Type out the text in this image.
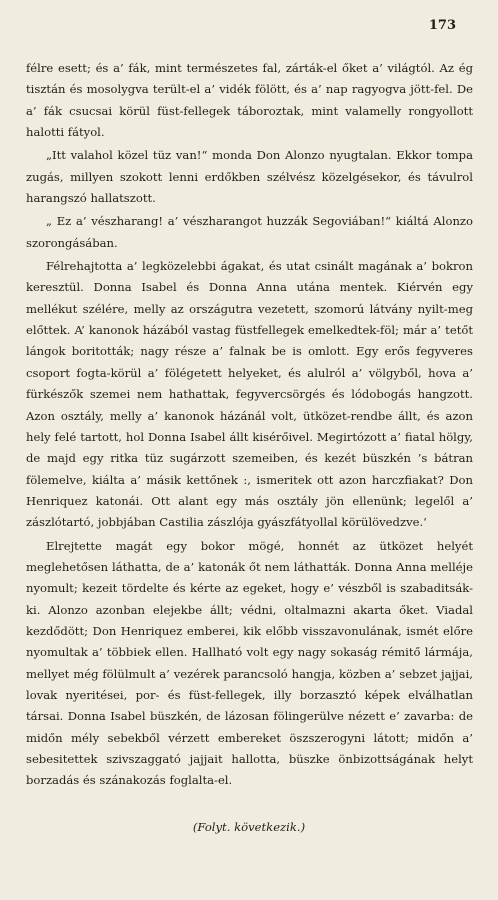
173

félre esett; és a’ fák, mint természetes fal, zárták-el őket a’ világtól. Az ég tisztán és mosolygva terült-el a’ vidék fölött, és a’ nap ragyogva jött-fel. De a’ fák csucsai körül füst-fellegek táboroztak, mint valamelly rongyollott halotti fátyol.

„Itt valahol közel tüz van!“ monda Don Alonzo nyugtalan. Ekkor tompa zugás, millyen szokott lenni erdőkben szélvész közelgésekor, és távulrol harangszó hallatszott.

„ Ez a’ vészharang! a’ vészharangot huzzák Segoviában!“ kiáltá Alonzo szorongásában.

Félrehajtotta a’ legközelebbi ágakat, és utat csinált magának a’ bokron keresztül. Donna Isabel és Donna Anna utána mentek. Kiérvén egy mellékut szélére, melly az országutra vezetett, szomorú látvány nyilt-meg előttek. A’ kanonok házából vastag füstfellegek emelkedtek-föl; már a’ tetőt lángok boritották; nagy része a’ falnak be is omlott. Egy erős fegyveres csoport fogta-körül a’ fölégetett helyeket, és alulról a’ völgyből, hova a’ fürkészők szemei nem hathattak, fegyvercsörgés és lódobogás hangzott. Azon osztály, melly a’ kanonok házánál volt, ütközet-rendbe állt, és azon hely felé tartott, hol Donna Isabel állt kisérőivel. Megirtózott a’ fiatal hölgy, de majd egy ritka tüz sugárzott szemeiben, és kezét büszkén ’s bátran fölemelve, kiálta a’ másik kettőnek :, ismeritek ott azon harczfiakat? Don Henriquez katonái. Ott alant egy más osztály jön ellenünk; legelől a’ zászlótartó, jobbjában Castilia zászlója gyászfátyollal körülövedzve.‘

Elrejtette magát egy bokor mögé, honnét az ütközet helyét meglehetősen láthatta, de a’ katonák őt nem láthatták. Donna Anna melléje nyomult; kezeit tördelte és kérte az egeket, hogy e’ vészből is szabaditsák-ki. Alonzo azonban elejekbe állt; védni, oltalmazni akarta őket. Viadal kezdődött; Don Henriquez emberei, kik előbb visszavonulának, ismét előre nyomultak a’ többiek ellen. Hallható volt egy nagy sokaság rémitő lármája, mellyet még fölülmult a’ vezérek parancsoló hangja, közben a’ sebzet jajjai, lovak nyeritései, por- és füst-fellegek, illy borzasztó képek elválhatlan társai. Donna Isabel büszkén, de lázosan fölingerülve nézett e’ zavarba: de midőn mély sebekből vérzett embereket öszszerogyni látott; midőn a’ sebesitettek szivszaggató jajjait hallotta, büszke önbizottságának helyt borzadás és szánakozás foglalta-el.

(Folyt. következik.)
